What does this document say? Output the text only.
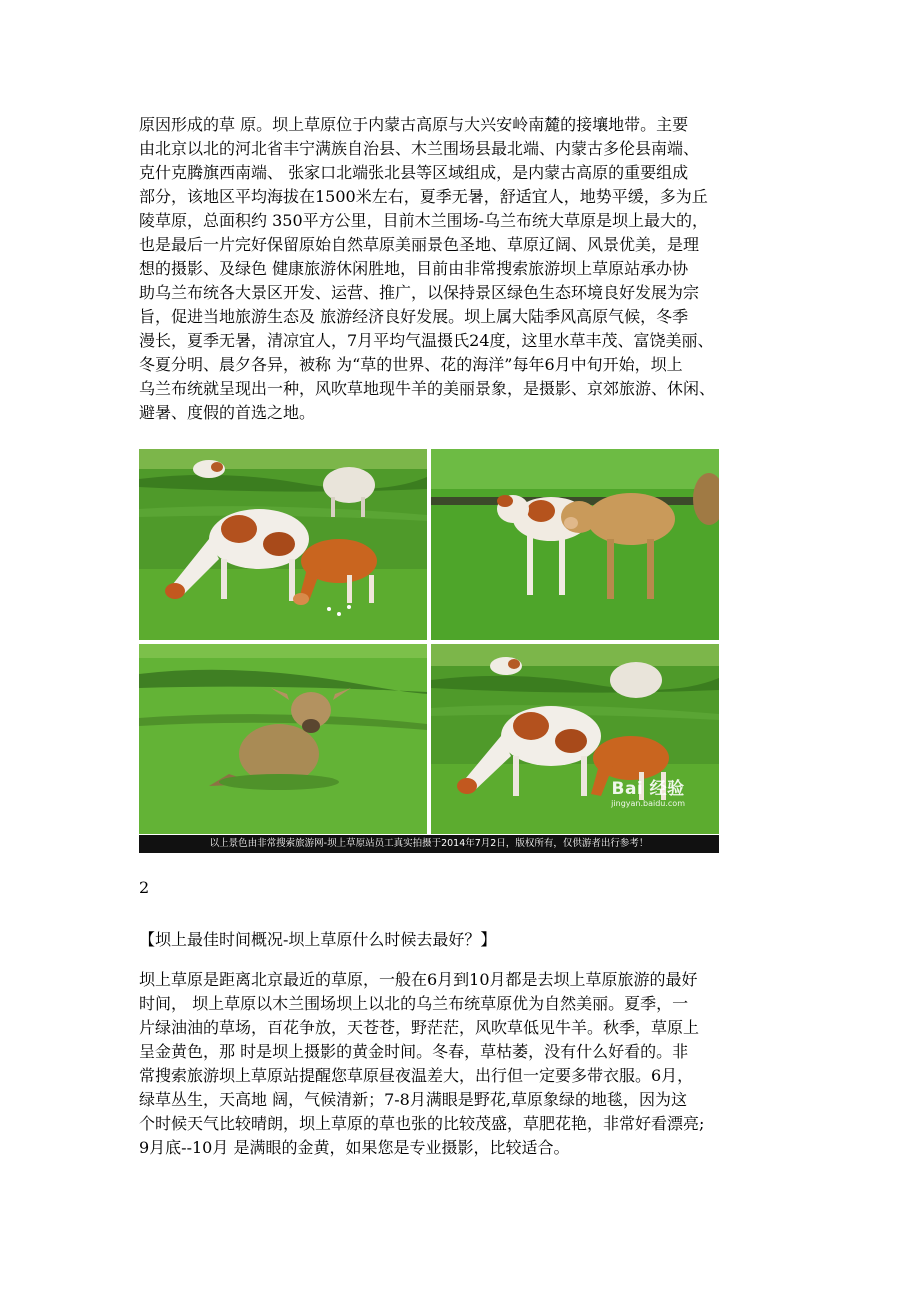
原因形成的草 原。坝上草原位于内蒙古高原与大兴安岭南麓的接壤地带。主要
由北京以北的河北省丰宁满族自治县、木兰围场县最北端、内蒙古多伦县南端、
克什克腾旗西南端、 张家口北端张北县等区域组成，是内蒙古高原的重要组成
部分，该地区平均海拔在1500米左右，夏季无暑，舒适宜人，地势平缓，多为丘
陵草原，总面积约 350平方公里，目前木兰围场-乌兰布统大草原是坝上最大的，
也是最后一片完好保留原始自然草原美丽景色圣地、草原辽阔、风景优美，是理
想的摄影、及绿色 健康旅游休闲胜地，目前由非常搜索旅游坝上草原站承办协
助乌兰布统各大景区开发、运营、推广，以保持景区绿色生态环境良好发展为宗
旨，促进当地旅游生态及 旅游经济良好发展。坝上属大陆季风高原气候，冬季
漫长，夏季无暑，清凉宜人，7月平均气温摄氏24度，这里水草丰茂、富饶美丽、
冬夏分明、晨夕各异，被称 为“草的世界、花的海洋”每年6月中旬开始，坝上
乌兰布统就呈现出一种，风吹草地现牛羊的美丽景象，是摄影、京郊旅游、休闲、
避暑、度假的首选之地。
Bai 经验
jingyan.baidu.com
以上景色由非常搜索旅游网-坝上草原站员工真实拍摄于2014年7月2日，版权所有，仅供游者出行参考！
2
【坝上最佳时间概况-坝上草原什么时候去最好？】
坝上草原是距离北京最近的草原，一般在6月到10月都是去坝上草原旅游的最好
时间， 坝上草原以木兰围场坝上以北的乌兰布统草原优为自然美丽。夏季，一
片绿油油的草场，百花争放，天苍苍，野茫茫，风吹草低见牛羊。秋季，草原上
呈金黄色，那 时是坝上摄影的黄金时间。冬春，草枯萎，没有什么好看的。非
常搜索旅游坝上草原站提醒您草原昼夜温差大，出行但一定要多带衣服。6月，
绿草丛生，天高地 阔，气候清新；7-8月满眼是野花,草原象绿的地毯，因为这
个时候天气比较晴朗，坝上草原的草也张的比较茂盛，草肥花艳，非常好看漂亮;
9月底--10月 是满眼的金黄，如果您是专业摄影，比较适合。
